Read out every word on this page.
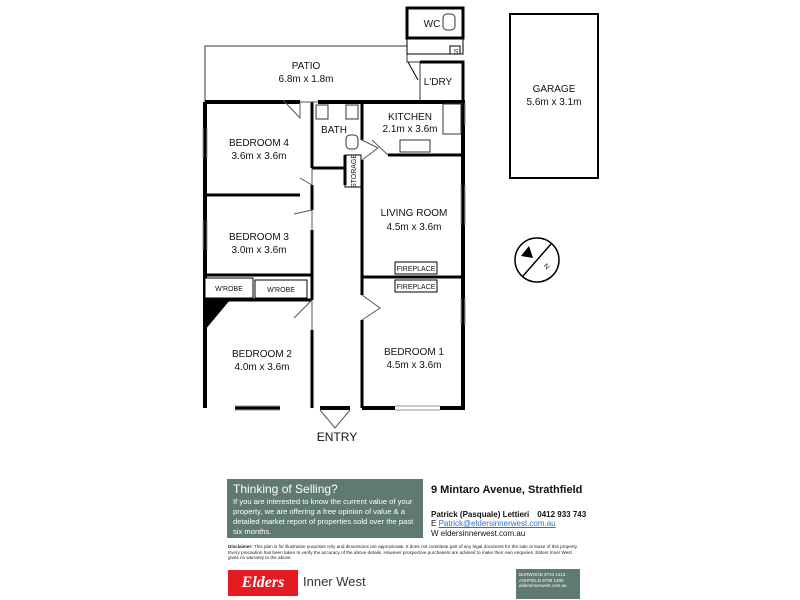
WC
S
PATIO
6.8m x 1.8m	L'DRY
GARAGE
5.6m x 3.1m
BATH
KITCHEN
2.1m x 3.6m
BEDROOM 4
3.6m x 3.6m	STORAGE
LIVING ROOM
4.5m x 3.6m
BEDROOM 3
3.0m x 3.6m
FIREPLACE
FIREPLACE
W'ROBE	W'ROBE
BEDROOM 2
4.0m x 3.6m
BEDROOM 1
4.5m x 3.6m
ENTRY
N
Thinking of Selling?
If you are interested to know the current value of your property, we are offering a free opinion of value & a detailed market report of properties sold over the past six months.
9 Mintaro Avenue, Strathfield
Patrick (Pasquale) Lettieri 0412 933 743
E Patrick@eldersinnerwest.com.au
W eldersinnerwest.com.au
Disclaimer: This plan is for illustrative purposes only and dimensions are approximate. It does not constitute part of any legal document for the sale or lease of this property. Every precaution has been taken to verify the accuracy of the above details. However prospective purchasers are advised to make their own enquiries. Elders Inner West gives no warranty to the above.
Elders	Inner West	BURWOOD 9744 1313
ASHFIELD 9799 1490
eldersinnerwest.com.au
